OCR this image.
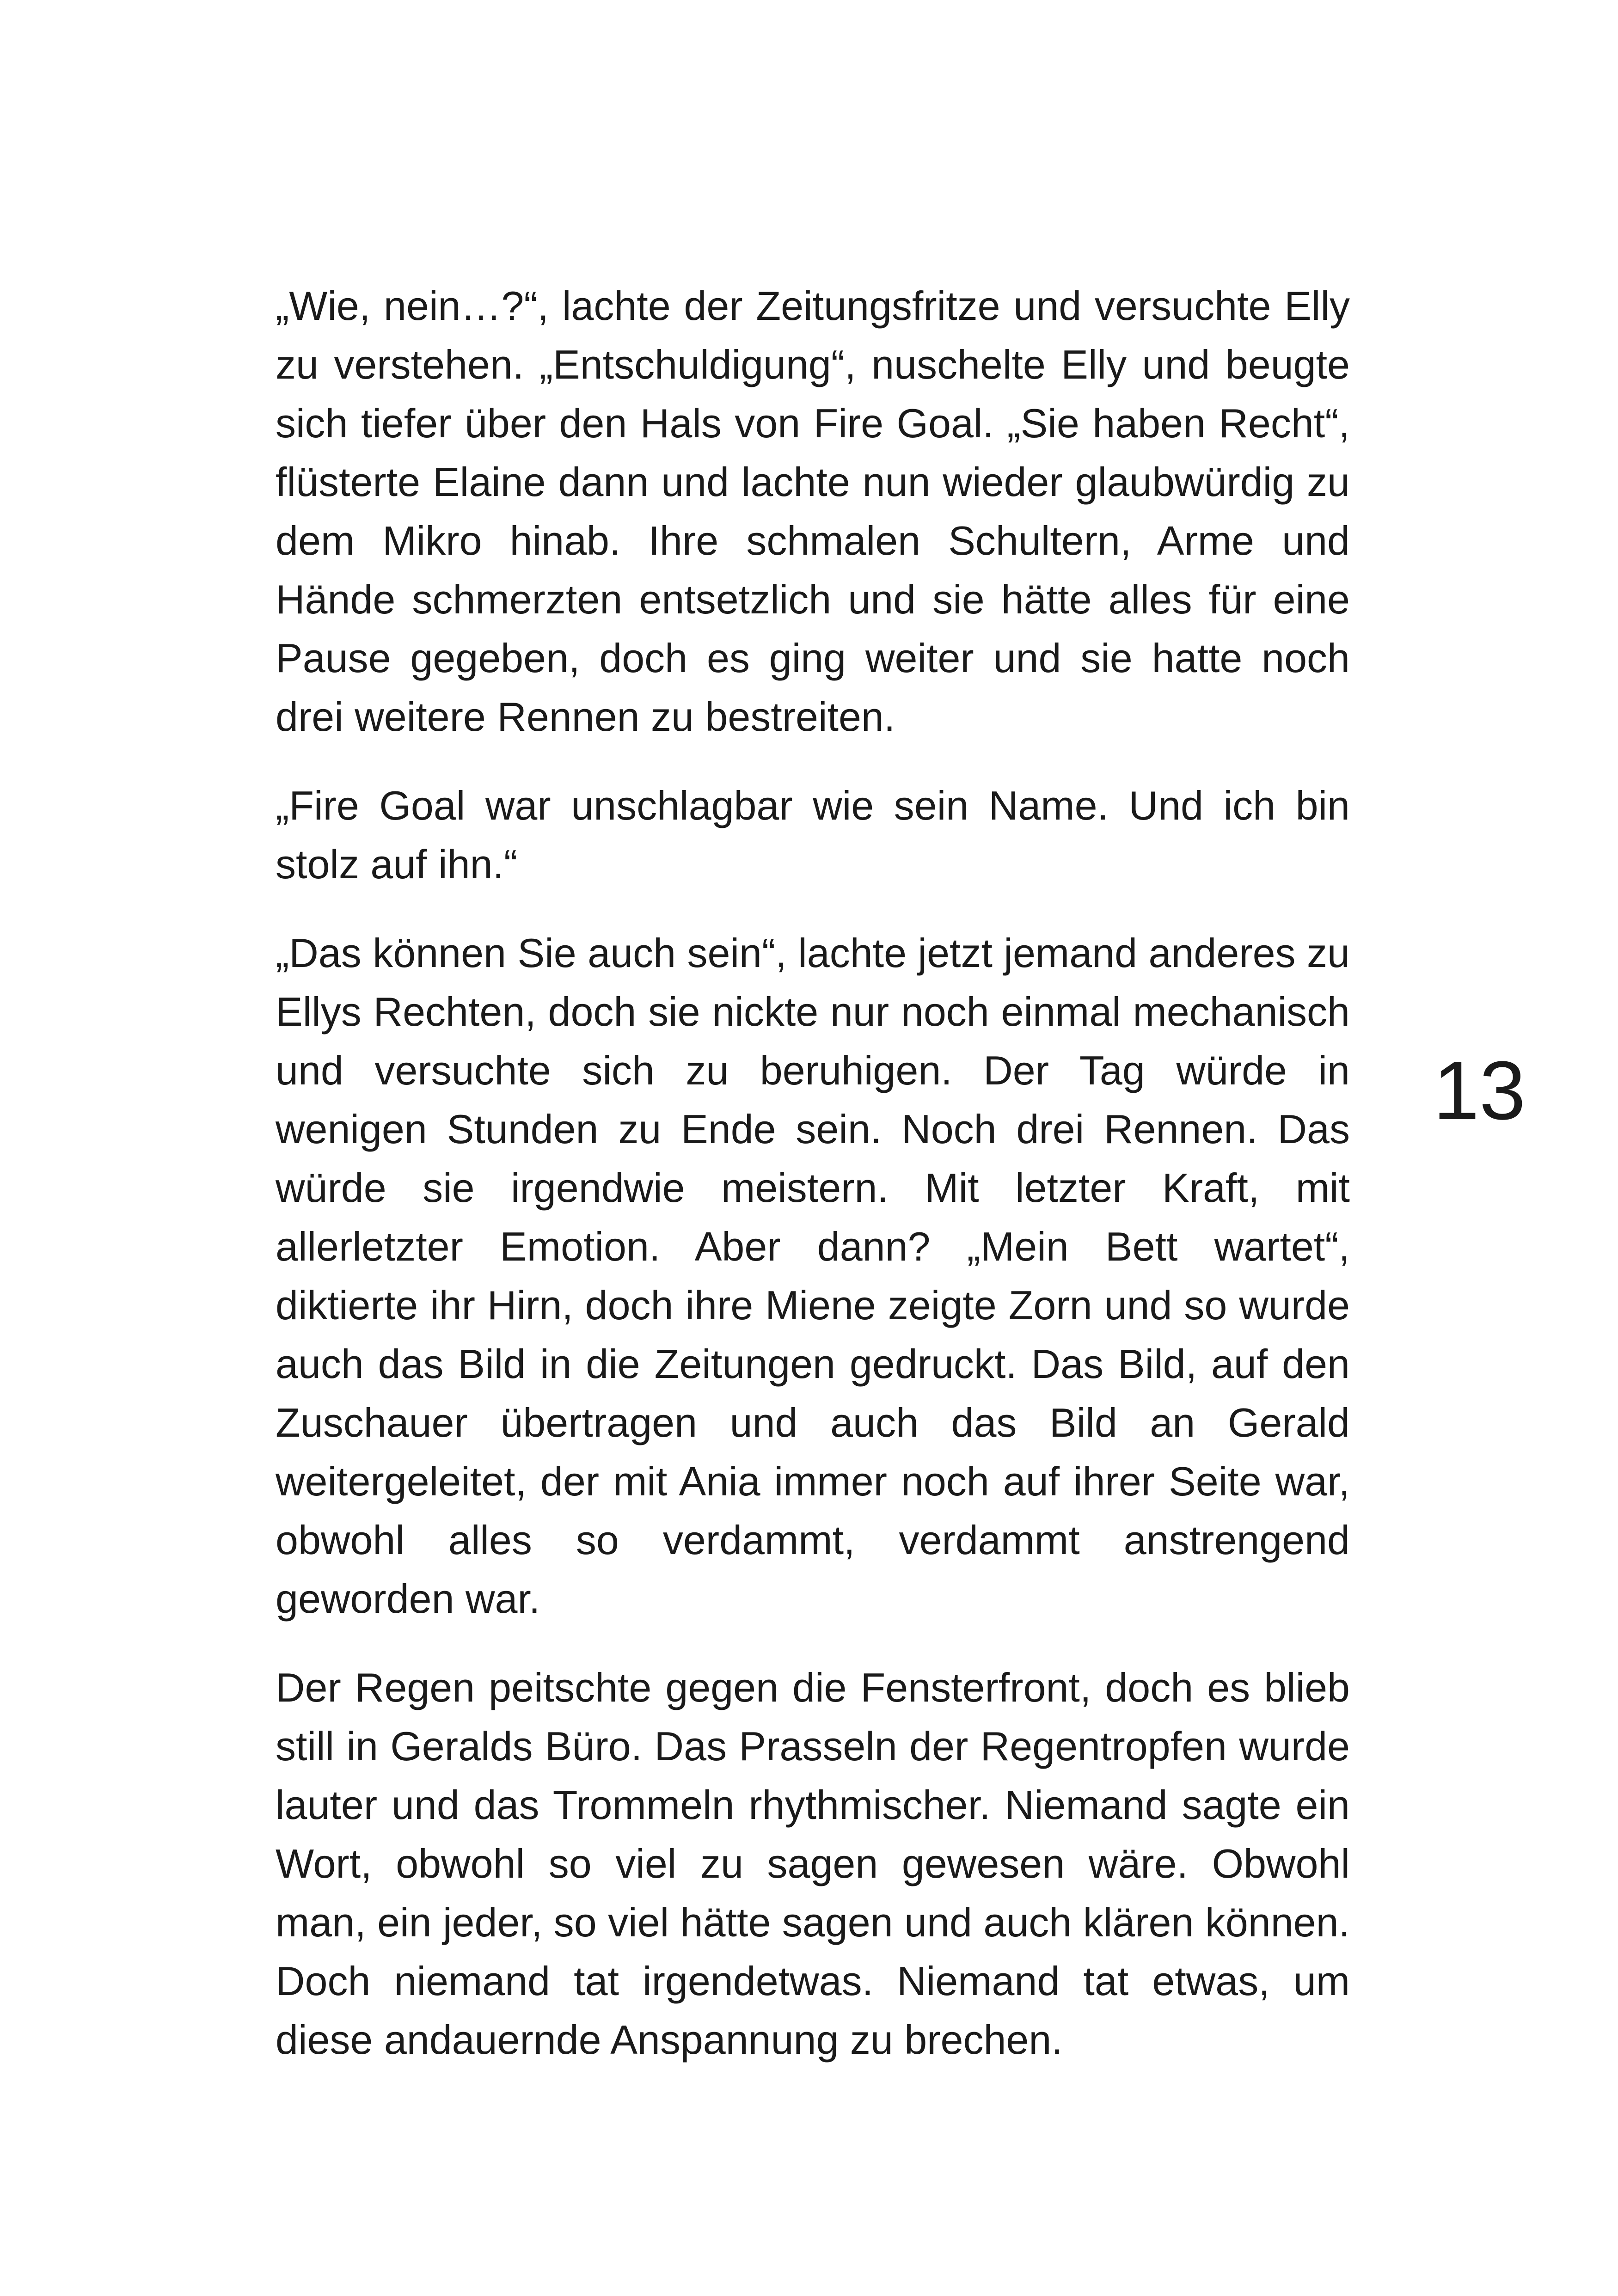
„Wie, nein…?“, lachte der Zeitungsfritze und versuchte Elly zu verstehen. „Entschuldigung“, nuschelte Elly und beugte sich tiefer über den Hals von Fire Goal. „Sie haben Recht“, flüsterte Elaine dann und lachte nun wieder glaubwürdig zu dem Mikro hinab. Ihre schmalen Schultern, Arme und Hände schmerzten entsetzlich und sie hätte alles für eine Pause gegeben, doch es ging weiter und sie hatte noch drei weitere Rennen zu bestreiten.

„Fire Goal war unschlagbar wie sein Name. Und ich bin stolz auf ihn.“

„Das können Sie auch sein“, lachte jetzt jemand anderes zu Ellys Rechten, doch sie nickte nur noch einmal mechanisch und versuchte sich zu beruhigen. Der Tag würde in wenigen Stunden zu Ende sein. Noch drei Rennen. Das würde sie irgendwie meistern. Mit letzter Kraft, mit allerletzter Emotion. Aber dann? „Mein Bett wartet“, diktierte ihr Hirn, doch ihre Miene zeigte Zorn und so wurde auch das Bild in die Zeitungen gedruckt. Das Bild, auf den Zuschauer übertragen und auch das Bild an Gerald weitergeleitet, der mit Ania immer noch auf ihrer Seite war, obwohl alles so verdammt, verdammt anstrengend geworden war.

Der Regen peitschte gegen die Fensterfront, doch es blieb still in Geralds Büro. Das Prasseln der Regentropfen wurde lauter und das Trommeln rhythmischer. Niemand sagte ein Wort, obwohl so viel zu sagen gewesen wäre. Obwohl man, ein jeder, so viel hätte sagen und auch klären können. Doch niemand tat irgendetwas. Niemand tat etwas, um diese andauernde Anspannung zu brechen.

13
